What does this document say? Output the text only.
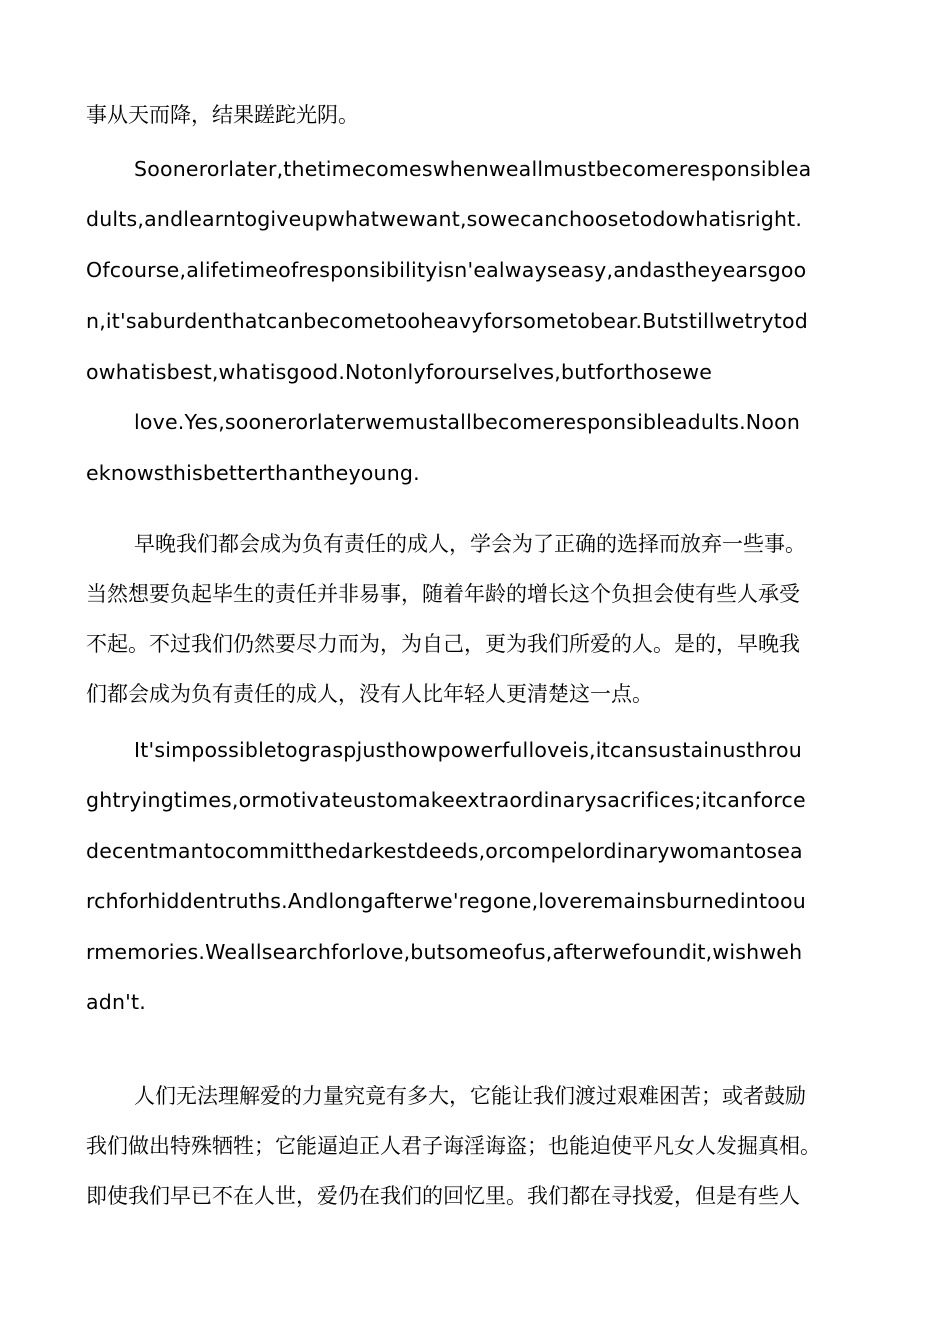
事从天而降，结果蹉跎光阴。
Soonerorlater,thetimecomeswhenweallmustbecomeresponsiblea
dults,andlearntogiveupwhatwewant,sowecanchoosetodowhatisright.
Ofcourse,alifetimeofresponsibilityisn'ealwayseasy,andastheyearsgoo
n,it'saburdenthatcanbecometooheavyforsometobear.Butstillwetrytod
owhatisbest,whatisgood.Notonlyforourselves,butforthosewe
love.Yes,soonerorlaterwemustallbecomeresponsibleadults.Noon
eknowsthisbetterthantheyoung.
早晚我们都会成为负有责任的成人，学会为了正确的选择而放弃一些事。
当然想要负起毕生的责任并非易事，随着年龄的增长这个负担会使有些人承受
不起。不过我们仍然要尽力而为，为自己，更为我们所爱的人。是的，早晚我
们都会成为负有责任的成人，没有人比年轻人更清楚这一点。
It'simpossibletograspjusthowpowerfulloveis,itcansustainusthrou
ghtryingtimes,ormotivateustomakeextraordinarysacrifices;itcanforce
decentmantocommitthedarkestdeeds,orcompelordinarywomantosea
rchforhiddentruths.Andlongafterwe'regone,loveremainsburnedintoou
rmemories.Weallsearchforlove,butsomeofus,afterwefoundit,wishweh
adn't.
人们无法理解爱的力量究竟有多大，它能让我们渡过艰难困苦；或者鼓励
我们做出特殊牺牲；它能逼迫正人君子诲淫诲盗；也能迫使平凡女人发掘真相。
即使我们早已不在人世，爱仍在我们的回忆里。我们都在寻找爱，但是有些人
